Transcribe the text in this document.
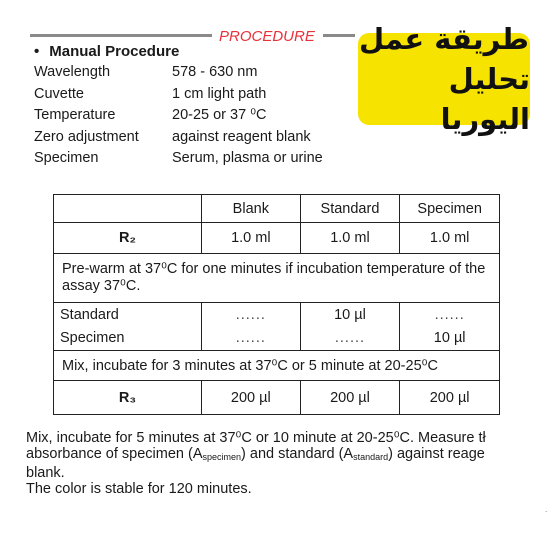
PROCEDURE
• Manual Procedure
Wavelength	578 - 630 nm
Cuvette	1 cm light path
Temperature	20-25 or 37 ⁰C
Zero adjustment	against reagent blank
Specimen	Serum, plasma or urine
طريقة عمل
تحليل اليوريا
	Blank	Standard	Specimen
R₂	1.0 ml	1.0 ml	1.0 ml
Pre-warm at 37⁰C for one minutes if incubation temperature of the assay 37⁰C.			
Standard	......	10 µl	......
Specimen	......	......	10 µl
Mix, incubate for 3 minutes at 37⁰C or 5 minute at 20-25⁰C			
R₃	200 µl	200 µl	200 µl

Mix, incubate for 5 minutes at 37⁰C or 10 minute at 20-25⁰C. Measure tł

absorbance of specimen $(A_{specimen})$ and standard $(A_{standard})$ against reage

blank.

The color is stable for 120 minutes.

.
